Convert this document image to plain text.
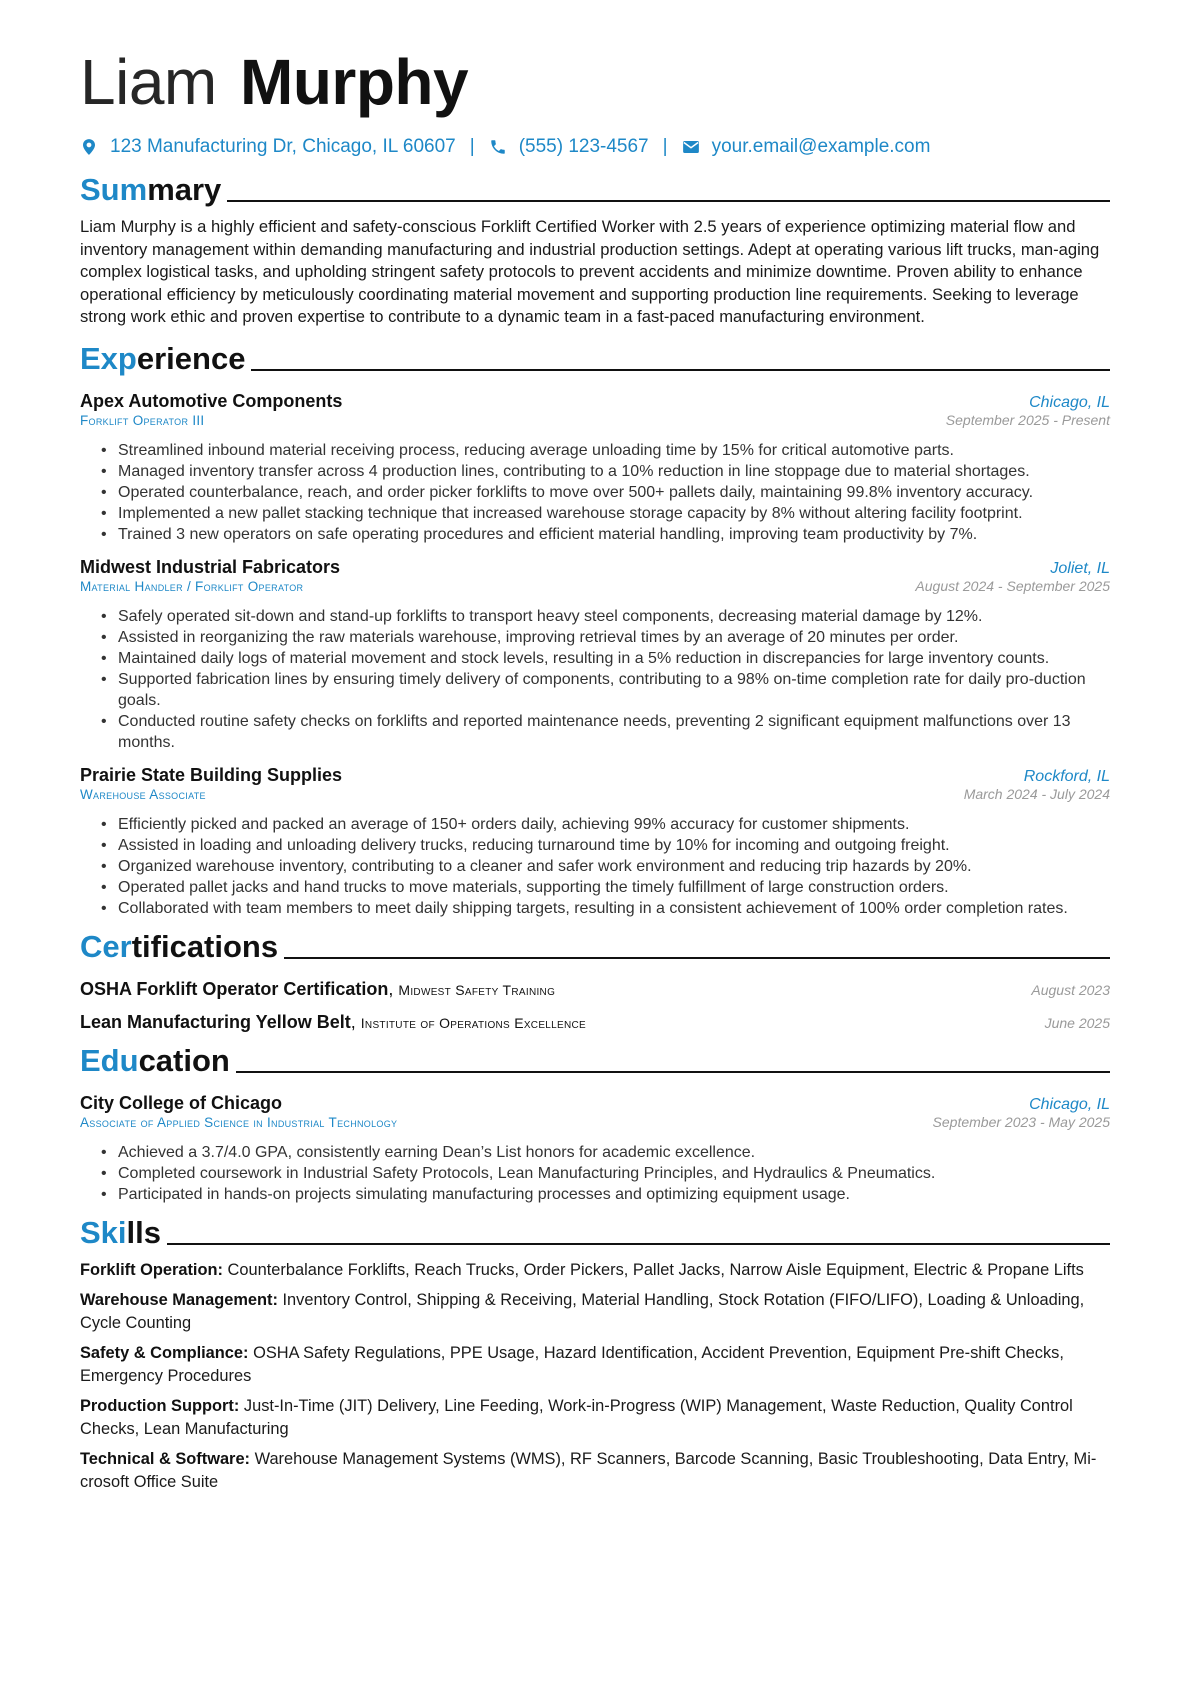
Liam Murphy
123 Manufacturing Dr, Chicago, IL 60607 | (555) 123-4567 | your.email@example.com
Summary
Liam Murphy is a highly efficient and safety-conscious Forklift Certified Worker with 2.5 years of experience optimizing material flow and inventory management within demanding manufacturing and industrial production settings. Adept at operating various lift trucks, man-aging complex logistical tasks, and upholding stringent safety protocols to prevent accidents and minimize downtime. Proven ability to enhance operational efficiency by meticulously coordinating material movement and supporting production line requirements. Seeking to leverage strong work ethic and proven expertise to contribute to a dynamic team in a fast-paced manufacturing environment.
Experience
Apex Automotive Components	Chicago, IL
Forklift Operator III	September 2025 - Present
• Streamlined inbound material receiving process, reducing average unloading time by 15% for critical automotive parts.
• Managed inventory transfer across 4 production lines, contributing to a 10% reduction in line stoppage due to material shortages.
• Operated counterbalance, reach, and order picker forklifts to move over 500+ pallets daily, maintaining 99.8% inventory accuracy.
• Implemented a new pallet stacking technique that increased warehouse storage capacity by 8% without altering facility footprint.
• Trained 3 new operators on safe operating procedures and efficient material handling, improving team productivity by 7%.
Midwest Industrial Fabricators	Joliet, IL
Material Handler / Forklift Operator	August 2024 - September 2025
• Safely operated sit-down and stand-up forklifts to transport heavy steel components, decreasing material damage by 12%.
• Assisted in reorganizing the raw materials warehouse, improving retrieval times by an average of 20 minutes per order.
• Maintained daily logs of material movement and stock levels, resulting in a 5% reduction in discrepancies for large inventory counts.
• Supported fabrication lines by ensuring timely delivery of components, contributing to a 98% on-time completion rate for daily pro-duction goals.
• Conducted routine safety checks on forklifts and reported maintenance needs, preventing 2 significant equipment malfunctions over 13 months.
Prairie State Building Supplies	Rockford, IL
Warehouse Associate	March 2024 - July 2024
• Efficiently picked and packed an average of 150+ orders daily, achieving 99% accuracy for customer shipments.
• Assisted in loading and unloading delivery trucks, reducing turnaround time by 10% for incoming and outgoing freight.
• Organized warehouse inventory, contributing to a cleaner and safer work environment and reducing trip hazards by 20%.
• Operated pallet jacks and hand trucks to move materials, supporting the timely fulfillment of large construction orders.
• Collaborated with team members to meet daily shipping targets, resulting in a consistent achievement of 100% order completion rates.
Certifications
OSHA Forklift Operator Certification, Midwest Safety Training	August 2023
Lean Manufacturing Yellow Belt, Institute of Operations Excellence	June 2025
Education
City College of Chicago	Chicago, IL
Associate of Applied Science in Industrial Technology	September 2023 - May 2025
• Achieved a 3.7/4.0 GPA, consistently earning Dean’s List honors for academic excellence.
• Completed coursework in Industrial Safety Protocols, Lean Manufacturing Principles, and Hydraulics & Pneumatics.
• Participated in hands-on projects simulating manufacturing processes and optimizing equipment usage.
Skills
Forklift Operation: Counterbalance Forklifts, Reach Trucks, Order Pickers, Pallet Jacks, Narrow Aisle Equipment, Electric & Propane Lifts
Warehouse Management: Inventory Control, Shipping & Receiving, Material Handling, Stock Rotation (FIFO/LIFO), Loading & Unloading, Cycle Counting
Safety & Compliance: OSHA Safety Regulations, PPE Usage, Hazard Identification, Accident Prevention, Equipment Pre-shift Checks, Emergency Procedures
Production Support: Just-In-Time (JIT) Delivery, Line Feeding, Work-in-Progress (WIP) Management, Waste Reduction, Quality Control Checks, Lean Manufacturing
Technical & Software: Warehouse Management Systems (WMS), RF Scanners, Barcode Scanning, Basic Troubleshooting, Data Entry, Mi-crosoft Office Suite
